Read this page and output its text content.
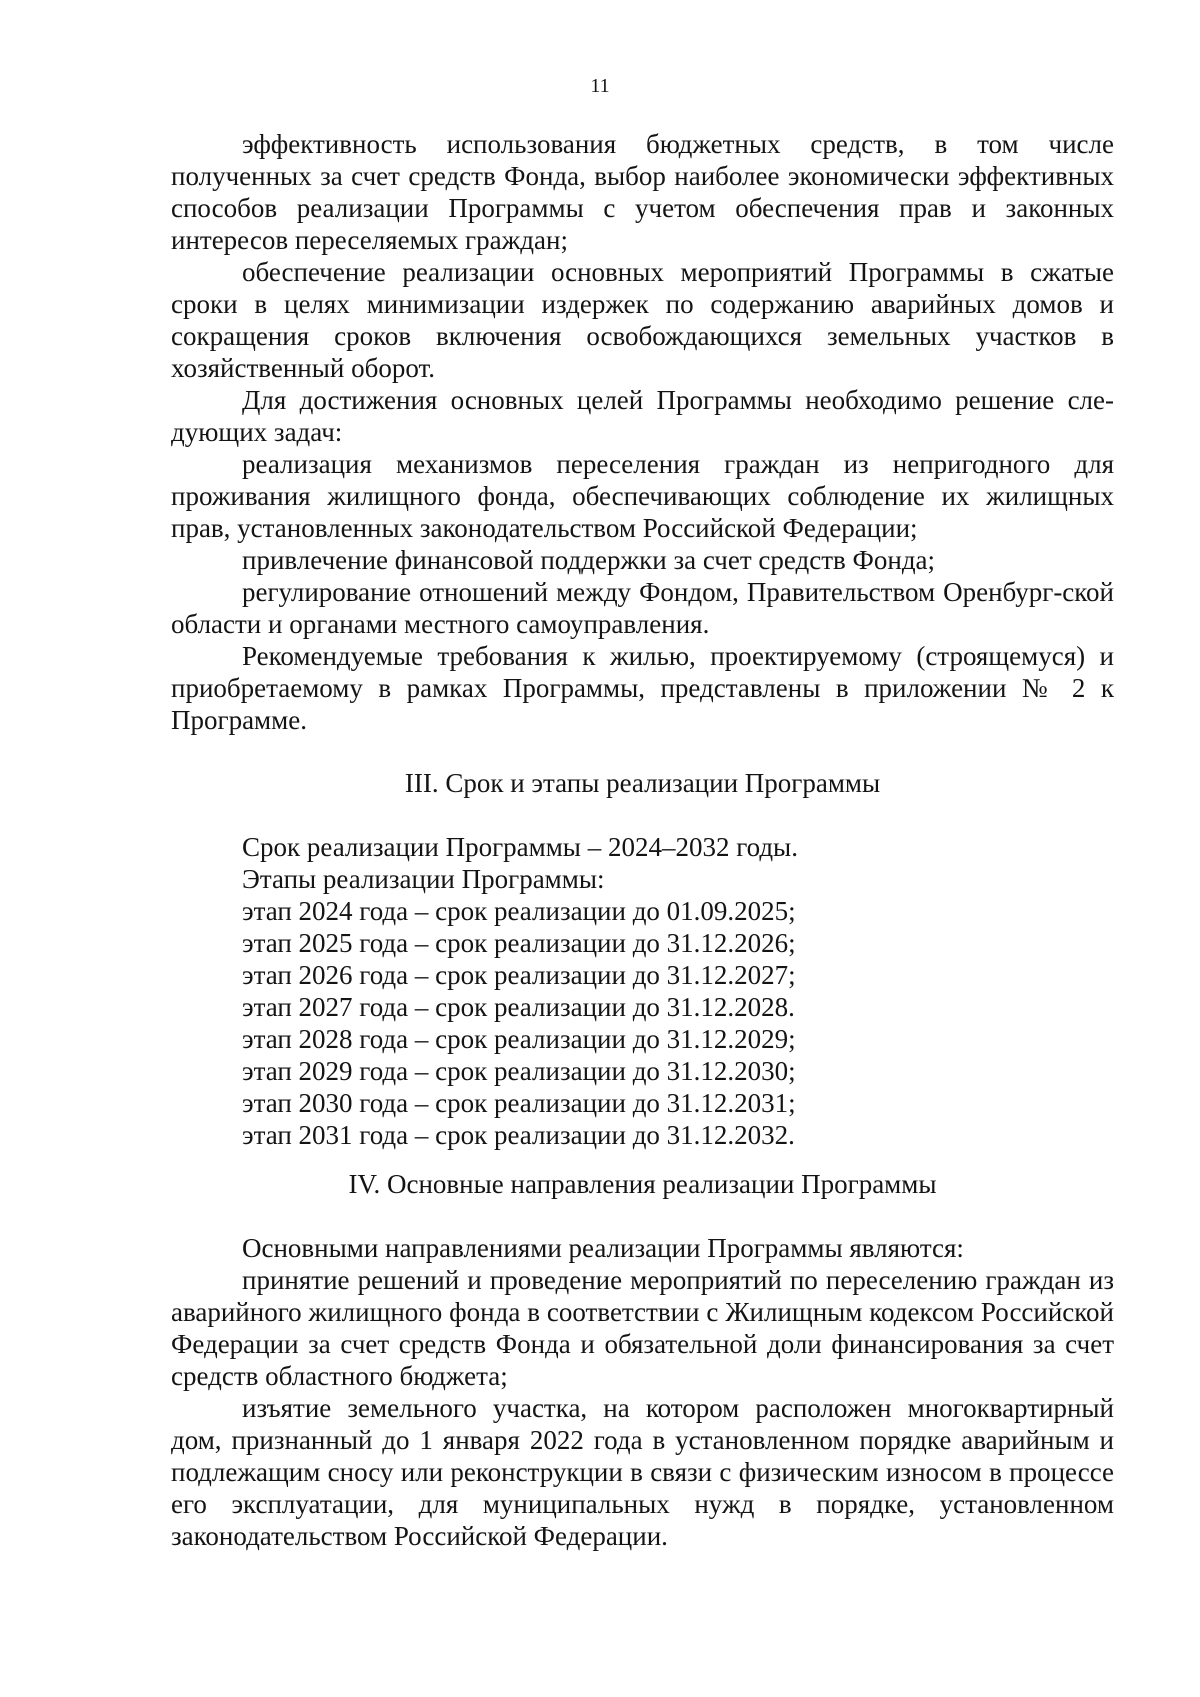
11

эффективность использования бюджетных средств, в том числе полученных за счет средств Фонда, выбор наиболее экономически эффективных способов реализации Программы с учетом обеспечения прав и законных интересов переселяемых граждан;

обеспечение реализации основных мероприятий Программы в сжатые сроки в целях минимизации издержек по содержанию аварийных домов и сокращения сроков включения освобождающихся земельных участков в хозяйственный оборот.

Для достижения основных целей Программы необходимо решение сле-дующих задач:

реализация механизмов переселения граждан из непригодного для проживания жилищного фонда, обеспечивающих соблюдение их жилищных прав, установленных законодательством Российской Федерации;

привлечение финансовой поддержки за счет средств Фонда;

регулирование отношений между Фондом, Правительством Оренбург-ской области и органами местного самоуправления.

Рекомендуемые требования к жилью, проектируемому (строящемуся) и приобретаемому в рамках Программы, представлены в приложении № 2 к Программе.

III. Срок и этапы реализации Программы

Срок реализации Программы – 2024–2032 годы.

Этапы реализации Программы:

этап 2024 года – срок реализации до 01.09.2025;

этап 2025 года – срок реализации до 31.12.2026;

этап 2026 года – срок реализации до 31.12.2027;

этап 2027 года – срок реализации до 31.12.2028.

этап 2028 года – срок реализации до 31.12.2029;

этап 2029 года – срок реализации до 31.12.2030;

этап 2030 года – срок реализации до 31.12.2031;

этап 2031 года – срок реализации до 31.12.2032.

IV. Основные направления реализации Программы

Основными направлениями реализации Программы являются:

принятие решений и проведение мероприятий по переселению граждан из аварийного жилищного фонда в соответствии с Жилищным кодексом Российской Федерации за счет средств Фонда и обязательной доли финансирования за счет средств областного бюджета;

изъятие земельного участка, на котором расположен многоквартирный дом, признанный до 1 января 2022 года в установленном порядке аварийным и подлежащим сносу или реконструкции в связи с физическим износом в процессе его эксплуатации, для муниципальных нужд в порядке, установленном законодательством Российской Федерации.
